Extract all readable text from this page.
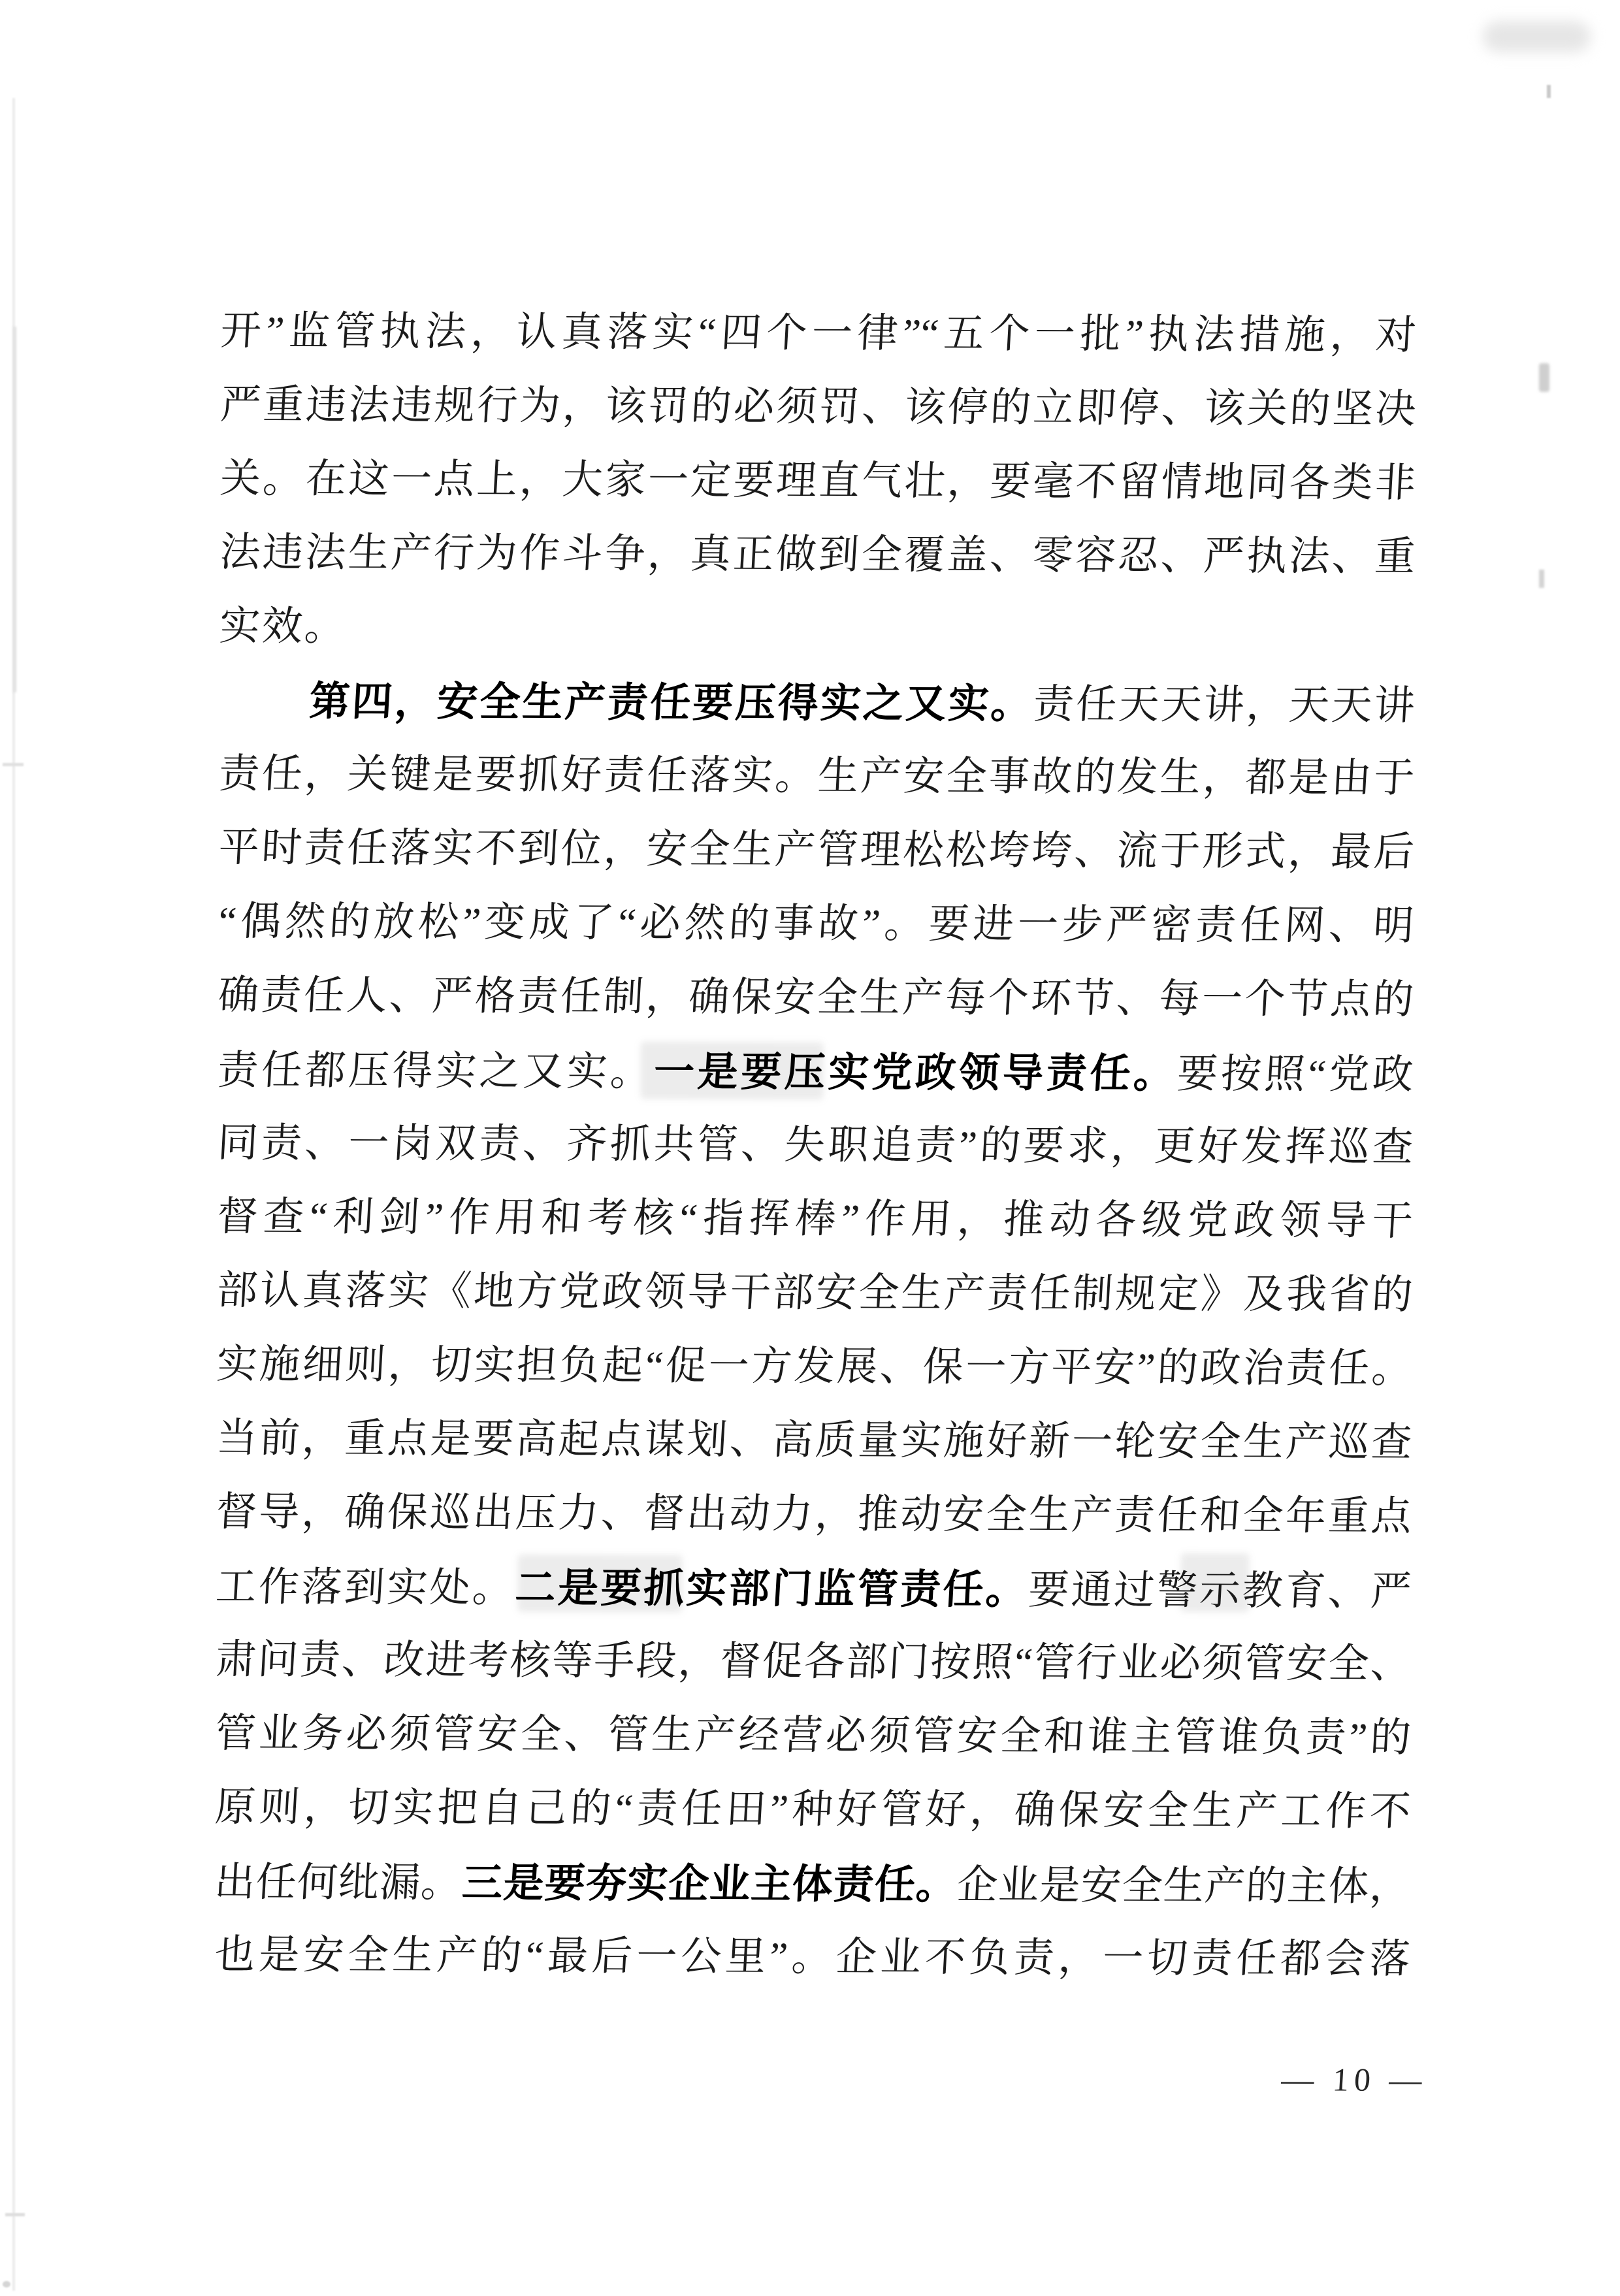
开”监管执法，认真落实“四个一律”“五个一批”执法措施，对
严重违法违规行为，该罚的必须罚、该停的立即停、该关的坚决
关。在这一点上，大家一定要理直气壮，要毫不留情地同各类非
法违法生产行为作斗争，真正做到全覆盖、零容忍、严执法、重
实效。
第四，安全生产责任要压得实之又实。责任天天讲，天天讲
责任，关键是要抓好责任落实。生产安全事故的发生，都是由于
平时责任落实不到位，安全生产管理松松垮垮、流于形式，最后
“偶然的放松”变成了“必然的事故”。要进一步严密责任网、明
确责任人、严格责任制，确保安全生产每个环节、每一个节点的
责任都压得实之又实。一是要压实党政领导责任。要按照“党政
同责、一岗双责、齐抓共管、失职追责”的要求，更好发挥巡查
督查“利剑”作用和考核“指挥棒”作用，推动各级党政领导干
部认真落实《地方党政领导干部安全生产责任制规定》及我省的
实施细则，切实担负起“促一方发展、保一方平安”的政治责任。
当前，重点是要高起点谋划、高质量实施好新一轮安全生产巡查
督导，确保巡出压力、督出动力，推动安全生产责任和全年重点
工作落到实处。二是要抓实部门监管责任。要通过警示教育、严
肃问责、改进考核等手段，督促各部门按照“管行业必须管安全、
管业务必须管安全、管生产经营必须管安全和谁主管谁负责”的
原则，切实把自己的“责任田”种好管好，确保安全生产工作不
出任何纰漏。三是要夯实企业主体责任。企业是安全生产的主体，
也是安全生产的“最后一公里”。企业不负责，一切责任都会落
— 10 —
